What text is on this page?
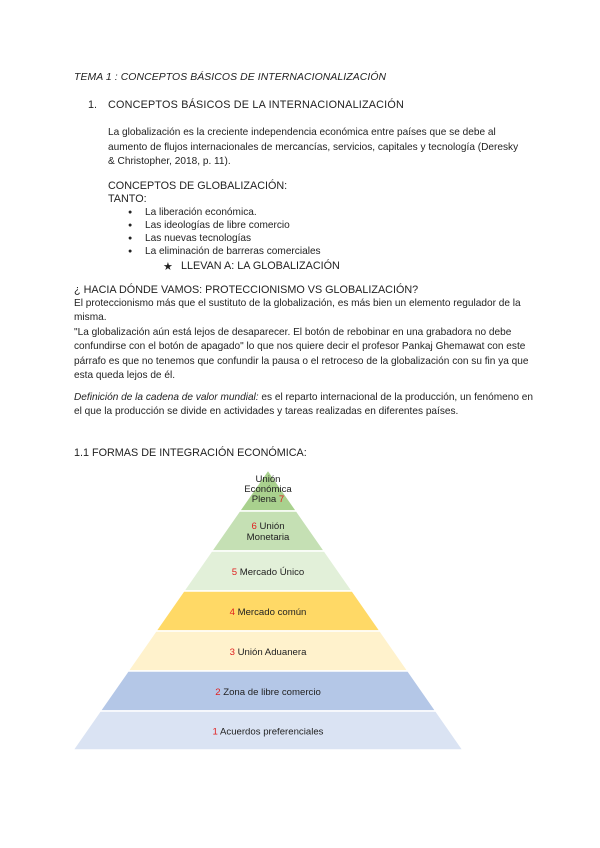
TEMA 1 : CONCEPTOS BÁSICOS DE INTERNACIONALIZACIÓN
1. CONCEPTOS BÁSICOS DE LA INTERNACIONALIZACIÓN
La globalización es la creciente independencia económica entre países que se debe al aumento de flujos internacionales de mercancías, servicios, capitales y tecnología (Deresky & Christopher, 2018, p. 11).
CONCEPTOS DE GLOBALIZACIÓN:
TANTO:
● La liberación económica.
● Las ideologías de libre comercio
● Las nuevas tecnologías
● La eliminación de barreras comerciales
★ LLEVAN A: LA GLOBALIZACIÓN
¿ HACIA DÓNDE VAMOS: PROTECCIONISMO VS GLOBALIZACIÓN?
El proteccionismo más que el sustituto de la globalización, es más bien un elemento regulador de la misma.
"La globalización aún está lejos de desaparecer. El botón de rebobinar en una grabadora no debe confundirse con el botón de apagado" lo que nos quiere decir el profesor Pankaj Ghemawat con este párrafo es que no tenemos que confundir la pausa o el retroceso de la globalización con su fin ya que esta queda lejos de él.
Definición de la cadena de valor mundial: es el reparto internacional de la producción, un fenómeno en el que la producción se divide en actividades y tareas realizadas en diferentes países.
1.1 FORMAS DE INTEGRACIÓN ECONÓMICA:
Unión
Económica
Plena 7
6 Unión
Monetaria
5 Mercado Único
4 Mercado común
3 Unión Aduanera
2 Zona de libre comercio
1 Acuerdos preferenciales
